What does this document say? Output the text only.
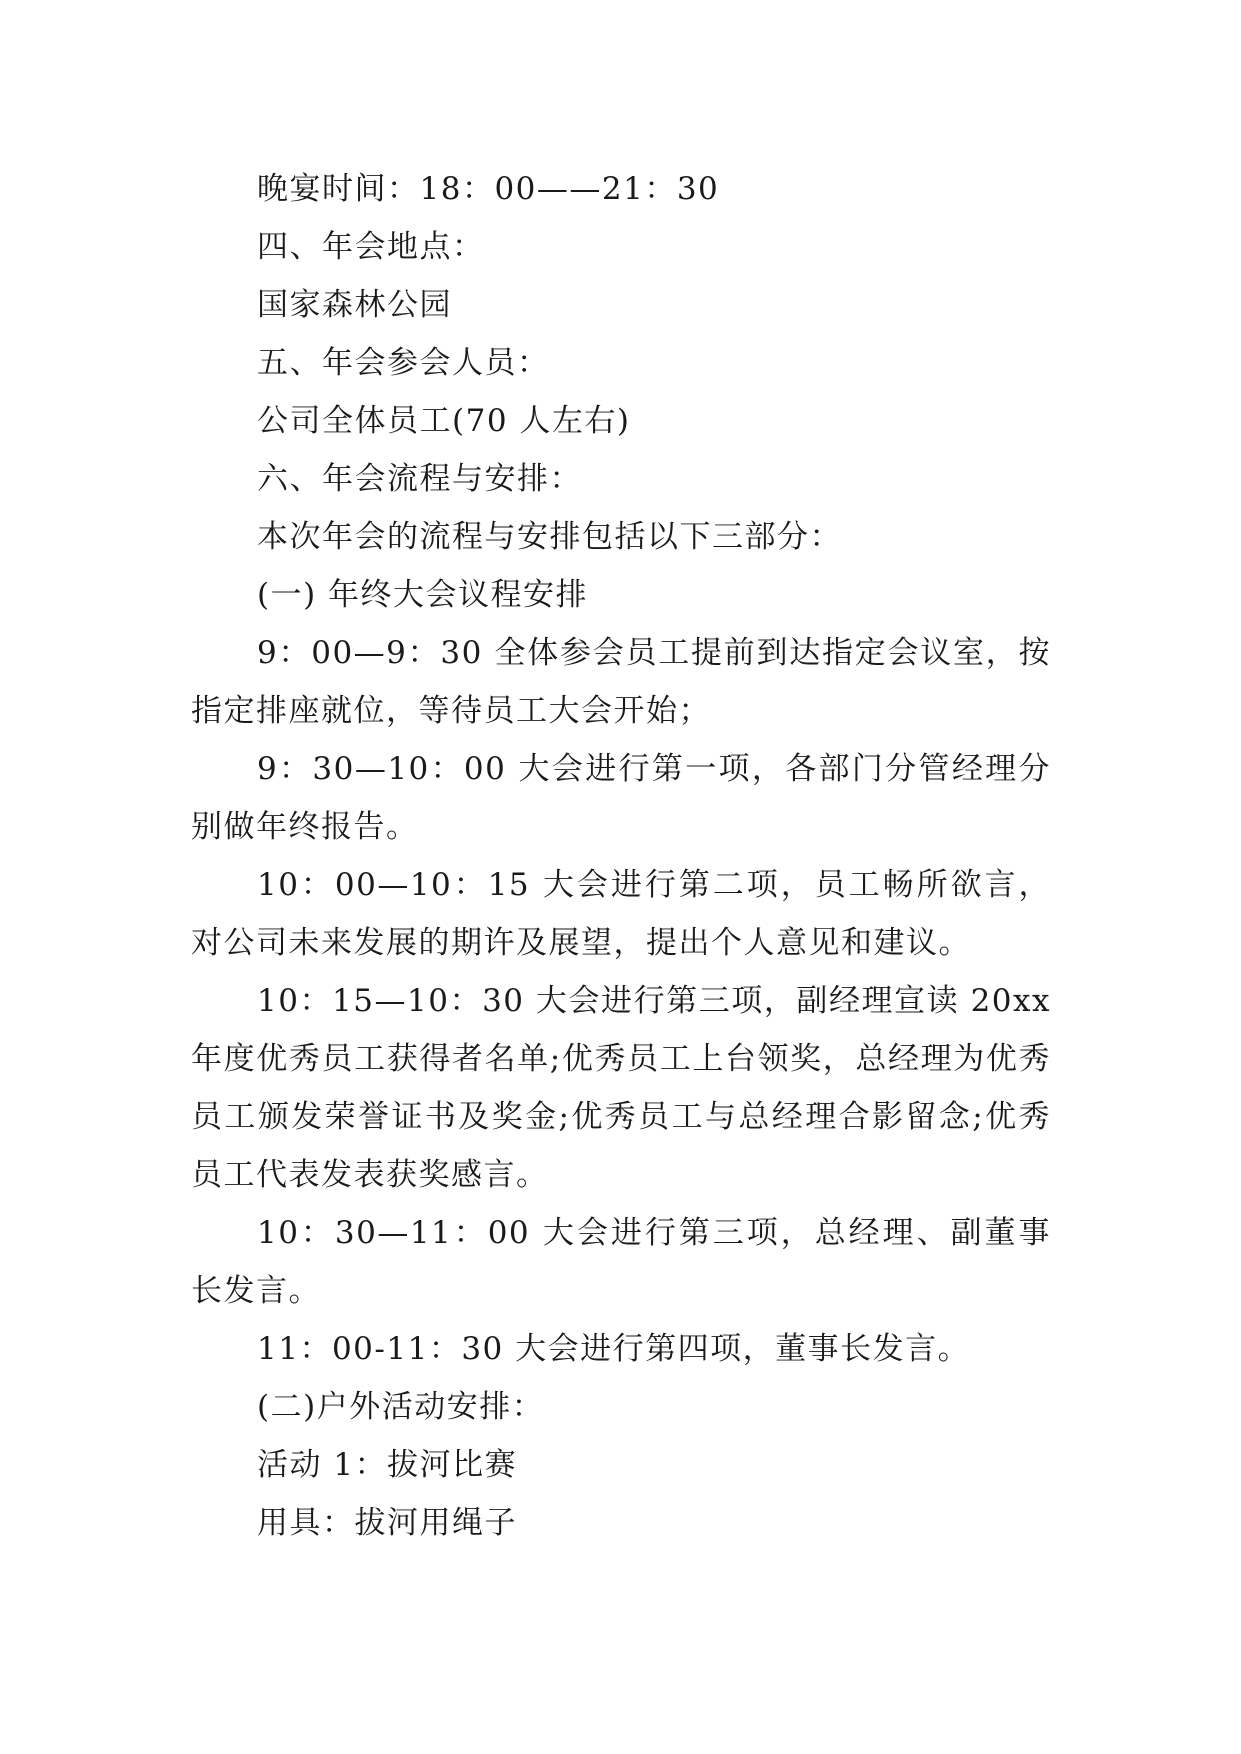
晚宴时间：18：00——21：30

四、年会地点：

国家森林公园

五、年会参会人员：

公司全体员工(70 人左右)

六、年会流程与安排：

本次年会的流程与安排包括以下三部分：

(一) 年终大会议程安排

9：00—9：30 全体参会员工提前到达指定会议室，按指定排座就位，等待员工大会开始；

9：30—10：00 大会进行第一项，各部门分管经理分别做年终报告。

10：00—10：15 大会进行第二项，员工畅所欲言，对公司未来发展的期许及展望，提出个人意见和建议。

10：15—10：30 大会进行第三项，副经理宣读 20xx 年度优秀员工获得者名单;优秀员工上台领奖，总经理为优秀员工颁发荣誉证书及奖金;优秀员工与总经理合影留念;优秀员工代表发表获奖感言。

10：30—11：00 大会进行第三项，总经理、副董事长发言。

11：00-11：30 大会进行第四项，董事长发言。

(二)户外活动安排：

活动 1：拔河比赛

用具：拔河用绳子
